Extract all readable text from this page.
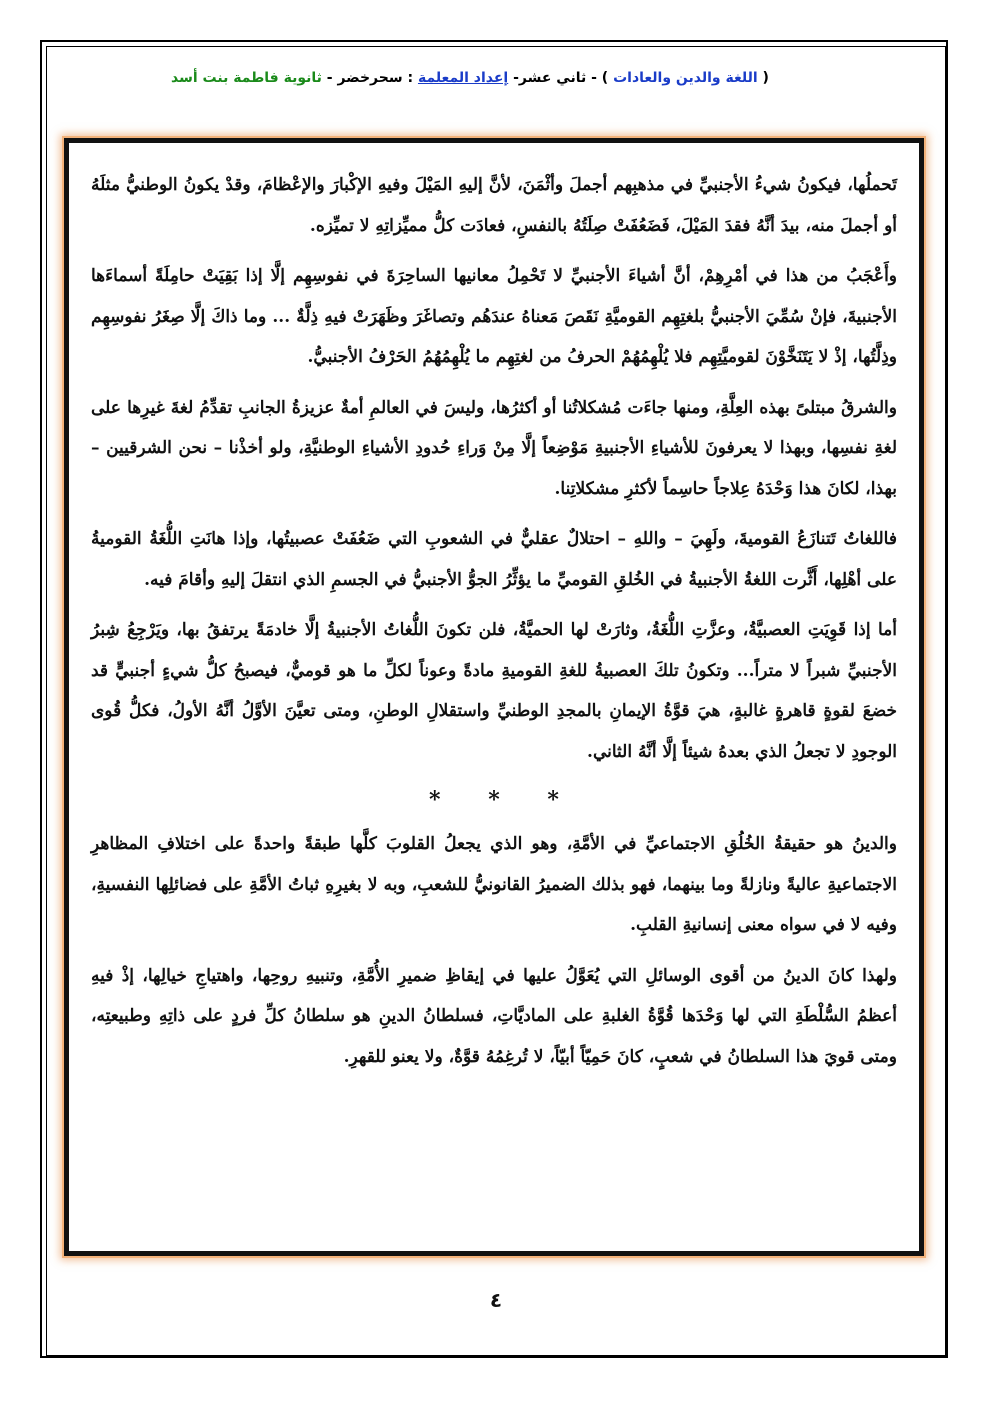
( اللغة والدين والعادات ) - ثاني عشر- إعداد المعلمة : سحرخضر - ثانوية فاطمة بنت أسد

تَحملُها، فيكونُ شيءُ الأجنبيِّ في مذهبِهم أجملَ وأثْمَنَ، لأنَّ إليهِ المَيْلَ وفيهِ الإكْبارَ والإعْظامَ، وقدْ يكونُ الوطنيُّ مثلَهُ أو أجملَ منه، بيدَ أنَّهُ فقدَ المَيْلَ، فَضَعُفَتْ صِلَتُهُ بالنفسِ، فعادَت كلُّ مميِّزاتِهِ لا تميِّزه.

وأَعْجَبُ من هذا في أمْرِهِمْ، أنَّ أشياءَ الأجنبيِّ لا تَحْمِلُ معانيها الساحِرَةَ في نفوسِهِم إلَّا إذا بَقِيَتْ حامِلَةً أسماءَها الأجنبيةَ، فإنْ سُمِّيَ الأجنبيُّ بلغتِهِم القوميَّةِ نَقَصَ مَعناهُ عندَهُم وتصاغَرَ وظَهَرَتْ فيهِ ذِلَّةٌ ... وما ذاكَ إلَّا صِغَرُ نفوسِهِم وذِلَّتُها، إذْ لا يَتَنَخَّوْنَ لقوميَّتِهِم فلا يُلْهِمُهُمْ الحرفُ من لغتِهِم ما يُلْهِمُهُمُ الحَرْفُ الأجنبيُّ.

والشرقُ مبتلىً بهذه العِلَّةِ، ومنها جاءَت مُشكلاتُنا أو أكثرُها، وليسَ في العالمِ أمةٌ عزيزةُ الجانبِ تقدِّمُ لغةَ غيرِها على لغةِ نفسِها، وبهذا لا يعرفونَ للأشياءِ الأجنبيةِ مَوْضِعاً إلَّا مِنْ وَراءِ حُدودِ الأشياءِ الوطنيَّةِ، ولو أخذْنا – نحن الشرقيين – بهذا، لكانَ هذا وَحْدَهُ عِلاجاً حاسِماً لأكثرِ مشكلاتِنا.

فاللغاتُ تَتنازَعُ القوميةَ، ولَهِيَ – واللهِ – احتلالٌ عقليٌّ في الشعوبِ التي ضَعُفَتْ عصبيتُها، وإذا هانَتِ اللُّغَةُ القوميةُ على أهْلِها، أَثَّرت اللغةُ الأجنبيةُ في الخُلقِ القوميِّ ما يؤثِّرُ الجوُّ الأجنبيُّ في الجسمِ الذي انتقلَ إليهِ وأقامَ فيه.

أما إذا قَوِيَتِ العصبيَّةُ، وعزَّتِ اللُّغَةُ، وثارَتْ لها الحميَّةُ، فلن تكونَ اللُّغاتُ الأجنبيةُ إلَّا خادمَةً يرتفقُ بها، ويَرْجِعُ شِبرُ الأجنبيِّ شبراً لا متراً... وتكونُ تلكَ العصبيةُ للغةِ القوميةِ مادةً وعوناً لكلِّ ما هو قوميٌّ، فيصبحُ كلُّ شيءٍ أجنبيٍّ قد خضعَ لقوةٍ قاهرةٍ غالبةٍ، هيَ قوَّةُ الإيمانِ بالمجدِ الوطنيِّ واستقلالِ الوطنِ، ومتى تعيَّنَ الأوَّلُ أنَّهُ الأولُ، فكلُّ قُوى الوجودِ لا تجعلُ الذي بعدهُ شيئاً إلَّا أنَّهُ الثاني.

* * *

والدينُ هو حقيقةُ الخُلُقِ الاجتماعيِّ في الأمَّةِ، وهو الذي يجعلُ القلوبَ كلَّها طبقةً واحدةً على اختلافِ المظاهرِ الاجتماعيةِ عاليةً ونازلةً وما بينهما، فهو بذلك الضميرُ القانونيُّ للشعبِ، وبه لا بغيرِهِ ثباتُ الأمَّةِ على فضائلِها النفسيةِ، وفيه لا في سواه معنى إنسانيةِ القلبِ.

ولهذا كانَ الدينُ من أقوى الوسائلِ التي يُعَوَّلُ عليها في إيقاظِ ضميرِ الأُمَّةِ، وتنبيهِ روحِها، واهتياجِ خيالِها، إذْ فيهِ أعظمُ السُّلْطَةِ التي لها وَحْدَها قُوَّةُ الغلبةِ على الماديَّاتِ، فسلطانُ الدينِ هو سلطانُ كلِّ فردٍ على ذاتِهِ وطبيعتِه، ومتى قويَ هذا السلطانُ في شعبٍ، كانَ حَمِيّاً أبيّاً، لا تُرغِمُهُ قوَّةٌ، ولا يعنو للقهرِ.

٤
